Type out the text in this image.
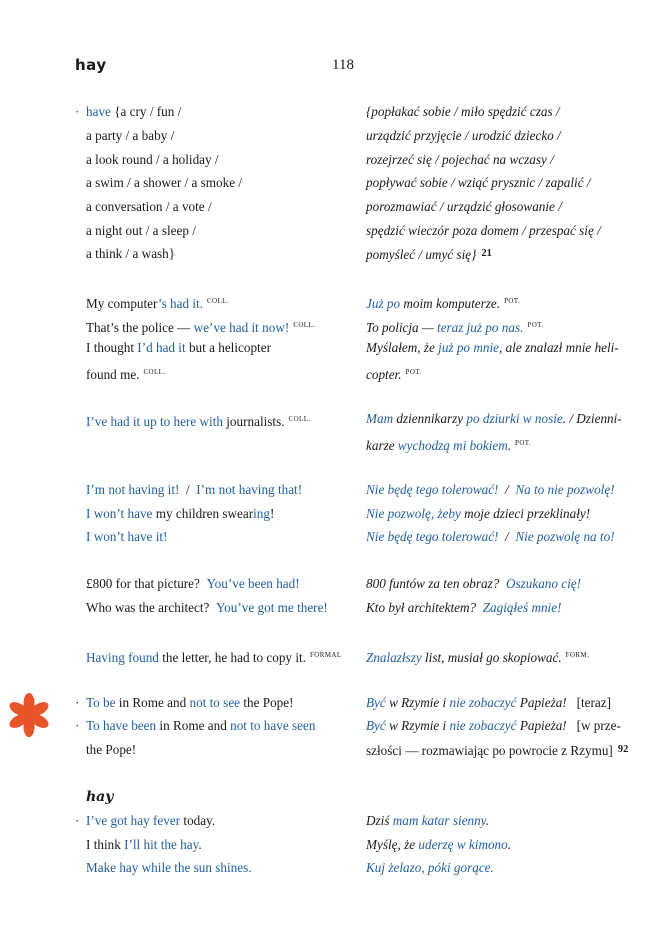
hay	118
· have {a cry / fun /
a party / a baby /
a look round / a holiday /
a swim / a shower / a smoke /
a conversation / a vote /
a night out / a sleep /
a think / a wash}
{popłakać sobie / miło spędzić czas /
urządzić przyjęcie / urodzić dziecko /
rozejrzeć się / pojechać na wczasy /
popływać sobie / wziąć prysznic / zapalić /
porozmawiać / urządzić głosowanie /
spędzić wieczór poza domem / przespać się /
pomyśleć / umyć się} $^{21}$
My computer’s had it. $^{COLL.}$
That’s the police — we’ve had it now! $^{COLL.}$
I thought I’d had it but a helicopter
found me. $^{COLL.}$
Już po moim komputerze. $^{POT.}$
To policja — teraz już po nas. $^{POT.}$
Myślałem, że już po mnie, ale znalazł mnie heli-
copter. $^{POT.}$
I’ve had it up to here with journalists. $^{COLL.}$	Mam dziennikarzy po dziurki w nosie. / Dzienni-
karze wychodzą mi bokiem. $^{POT.}$
I’m not having it! / I’m not having that!
I won’t have my children swearing!
I won’t have it!
Nie będę tego tolerować! / Na to nie pozwolę!
Nie pozwolę, żeby moje dzieci przeklinały!
Nie będę tego tolerować! / Nie pozwolę na to!
£800 for that picture? You’ve been had!
Who was the architect? You’ve got me there!
800 funtów za ten obraz? Oszukano cię!
Kto był architektem? Zagiąłeś mnie!
Having found the letter, he had to copy it. $^{FORMAL}$ Znalazłszy list, musiał go skopiować. $^{FORM.}$
·
·
To be in Rome and not to see the Pope!
To have been in Rome and not to have seen
the Pope!
Być w Rzymie i nie zobaczyć Papieża! [teraz]
Być w Rzymie i nie zobaczyć Papieża! [w prze-
szłości — rozmawiając po powrocie z Rzymu] $^{92}$
hay
· I’ve got hay fever today.
I think I’ll hit the hay.
Make hay while the sun shines.
Dziś mam katar sienny.
Myślę, że uderzę w kimono.
Kuj żelazo, póki gorące.
